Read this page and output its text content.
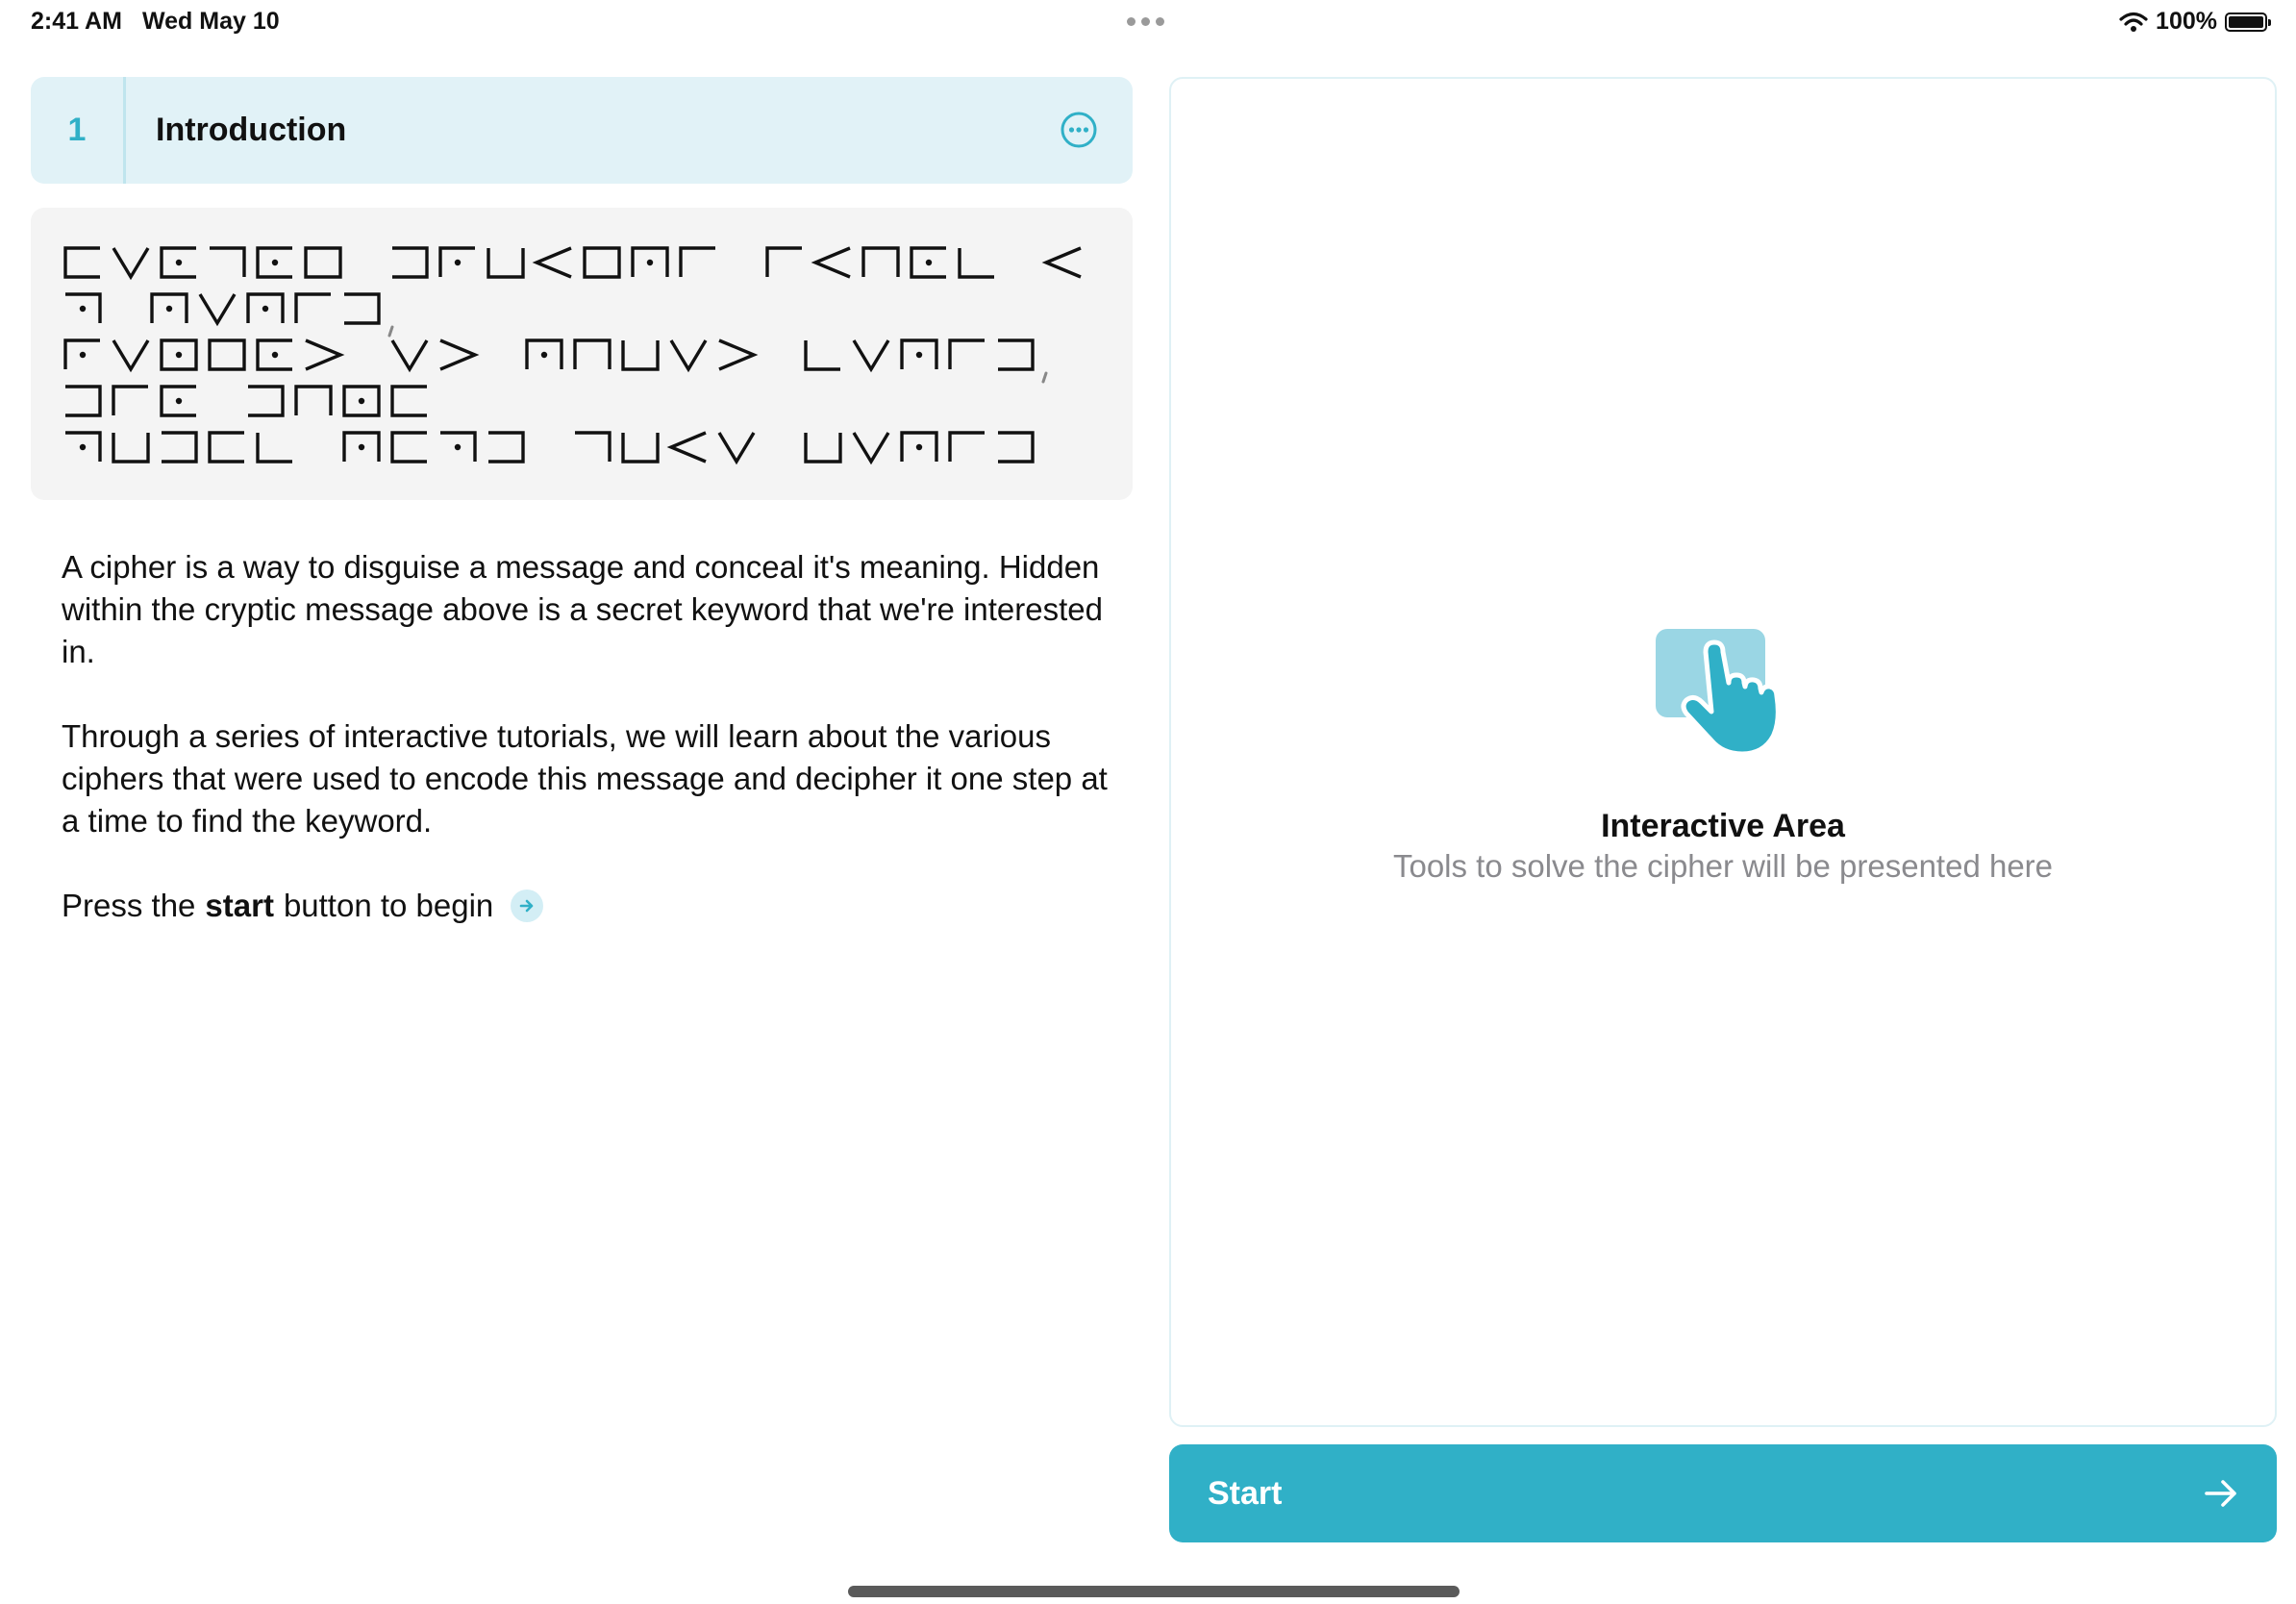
2:41 AM Wed May 10	100%
1	Introduction
A cipher is a way to disguise a message and conceal it's meaning. Hidden within the cryptic message above is a secret keyword that we're interested in.
Through a series of interactive tutorials, we will learn about the various ciphers that were used to encode this message and decipher it one step at a time to find the keyword.
Press the start button to begin
Interactive Area
Tools to solve the cipher will be presented here
Start
